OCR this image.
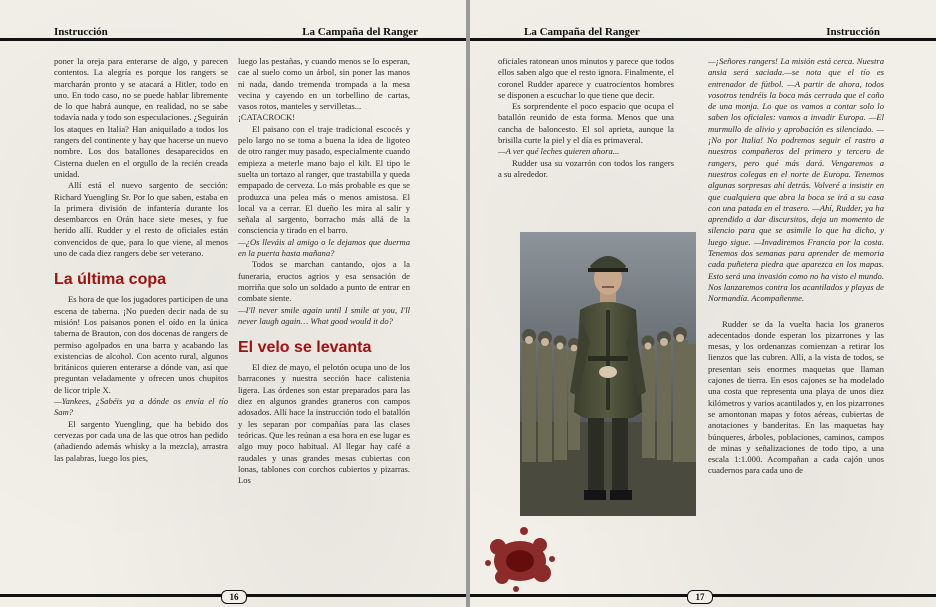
Instrucción	La Campaña del Ranger

poner la oreja para enterarse de algo, y parecen contentos. La alegría es porque los rangers se marcharán pronto y se atacará a Hitler, todo en uno. En todo caso, no se puede hablar libremente de lo que habrá aunque, en realidad, no se sabe todavía nada y todo son especulaciones. ¿Seguirán los ataques en Italia? Han aniquilado a todos los rangers del continente y hay que hacerse un nuevo nombre. Los dos batallones desaparecidos en Cisterna duelen en el orgullo de la recién creada unidad.

Allí está el nuevo sargento de sección: Richard Yuengling Sr. Por lo que saben, estaba en la primera división de infantería durante los desembarcos en Orán hace siete meses, y fue herido allí. Rudder y el resto de oficiales están convencidos de que, para lo que viene, al menos uno de cada diez rangers debe ser veterano.

La última copa

Es hora de que los jugadores participen de una escena de taberna. ¡No pueden decir nada de su misión! Los paisanos ponen el oído en la única taberna de Brauton, con dos docenas de rangers de permiso agolpados en una barra y acabando las existencias de alcohol. Con acento rural, algunos británicos quieren enterarse a dónde van, así que preguntan veladamente y ofrecen unos chupitos de licor triple X.

—Yankees, ¿Sabéis ya a dónde os envía el tío Sam?

El sargento Yuengling, que ha bebido dos cervezas por cada una de las que otros han pedido (añadiendo además whisky a la mezcla), arrastra las palabras, luego los pies,

luego las pestañas, y cuando menos se lo esperan, cae al suelo como un árbol, sin poner las manos ni nada, dando tremenda trompada a la mesa vecina y cayendo en un torbellino de cartas, vasos rotos, manteles y servilletas...

¡CATACROCK!

El paisano con el traje tradicional escocés y pelo largo no se toma a buena la idea de ligoteo de otro ranger muy pasado, especialmente cuando empieza a meterle mano bajo el kilt. El tipo le suelta un tortazo al ranger, que trastabilla y queda empapado de cerveza. Lo más probable es que se produzca una pelea más o menos amistosa. El local va a cerrar. El dueño les mira al salir y señala al sargento, borracho más allá de la consciencia y tirado en el barro.

—¿Os lleváis al amigo o le dejamos que duerma en la puerta hasta mañana?

Todos se marchan cantando, ojos a la funeraria, eructos agrios y esa sensación de morriña que solo un soldado a punto de entrar en combate siente.

—I'll never smile again until I smile at you, I'll never laugh again… What good would it do?

El velo se levanta

El diez de mayo, el pelotón ocupa uno de los barracones y nuestra sección hace calistenia ligera. Las órdenes son estar preparados para las diez en algunos grandes graneros con campos adosados. Allí hace la instrucción todo el batallón y les separan por compañías para las clases teóricas. Que les reúnan a esa hora en ese lugar es algo muy poco habitual. Al llegar hay café a raudales y unas grandes mesas cubiertas con lonas, tablones con corchos cubiertos y pizarras. Los

16
La Campaña del Ranger	Instrucción

oficiales ratonean unos minutos y parece que todos ellos saben algo que el resto ignora. Finalmente, el coronel Rudder aparece y cuatrocientos hombres se disponen a escuchar lo que tiene que decir.

Es sorprendente el poco espacio que ocupa el batallón reunido de esta forma. Menos que una cancha de baloncesto. El sol aprieta, aunque la brisilla curte la piel y el día es primaveral.

—A ver qué leches quieren ahora...

Rudder usa su vozarrón con todos los rangers a su alrededor.

—¡Señores rangers! La misión está cerca. Nuestra ansia será saciada.—se nota que el tío es entrenador de fútbol. —A partir de ahora, todos vosotros tendréis la boca más cerrada que el coño de una monja. Lo que os vamos a contar solo lo saben los oficiales: vamos a invadir Europa. —El murmullo de alivio y aprobación es silenciado. —¡No por Italia! No podremos seguir el rastro a nuestros compañeros del primero y tercero de rangers, pero qué más dará. Vengaremos a nuestros colegas en el norte de Europa. Tenemos algunas sorpresas ahí detrás. Volveré a insistir en que cualquiera que abra la boca se irá a su casa con una patada en el trasero. —Ahí, Rudder, ya ha aprendido a dar discursitos, deja un momento de silencio para que se asimile lo que ha dicho, y luego sigue. —Invadiremos Francia por la costa. Tenemos dos semanas para aprender de memoria cada puñetera piedra que aparezca en los mapas. Esto será una invasión como no ha visto el mundo. Nos lanzaremos contra los acantilados y playas de Normandía. Acompañenme.

Rudder se da la vuelta hacia los graneros adecentados donde esperan los pizarrones y las mesas, y los ordenanzas comienzan a retirar los lienzos que las cubren. Allí, a la vista de todos, se presentan seis enormes maquetas que llaman cajones de tierra. En esos cajones se ha modelado una costa que representa una playa de unos diez kilómetros y varios acantilados y, en los pizarrones se amontonan mapas y fotos aéreas, cubiertas de anotaciones y banderitas. En las maquetas hay búnqueres, árboles, poblaciones, caminos, campos de minas y señalizaciones de todo tipo, a una escala 1:1.000. Acompañan a cada cajón unos cuadernos para cada uno de

17
